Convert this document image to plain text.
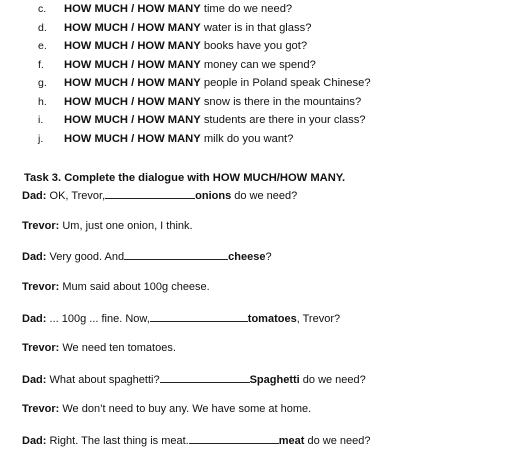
c. HOW MUCH / HOW MANY time do we need?
d. HOW MUCH / HOW MANY water is in that glass?
e. HOW MUCH / HOW MANY books have you got?
f. HOW MUCH / HOW MANY money can we spend?
g. HOW MUCH / HOW MANY people in Poland speak Chinese?
h. HOW MUCH / HOW MANY snow is there in the mountains?
i. HOW MUCH / HOW MANY students are there in your class?
j. HOW MUCH / HOW MANY milk do you want?

Task 3. Complete the dialogue with HOW MUCH/HOW MANY.

Dad: OK, Trevor,	onions do we need?

Trevor: Um, just one onion, I think.

Dad: Very good. And	cheese?

Trevor: Mum said about 100g cheese.

Dad: ... 100g ... fine. Now,	tomatoes, Trevor?

Trevor: We need ten tomatoes.

Dad: What about spaghetti?	Spaghetti do we need?

Trevor: We don’t need to buy any. We have some at home.

Dad: Right. The last thing is meat.	meat do we need?
